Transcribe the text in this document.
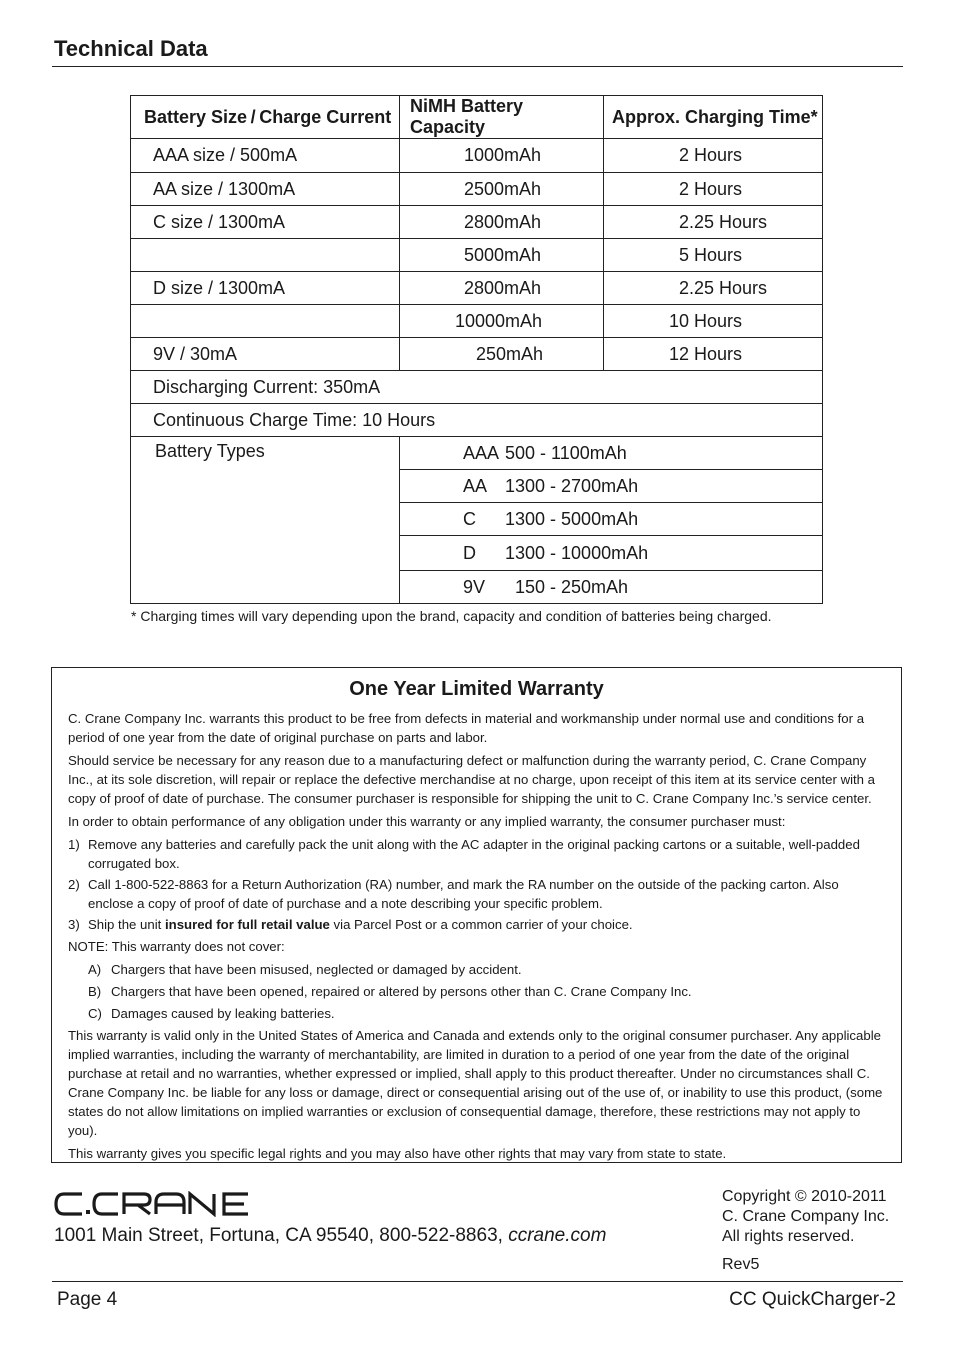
Technical Data
Battery Size / Charge Current	NiMH Battery Capacity	Approx. Charging Time*
AAA size / 500mA	1000mAh	2 Hours
AA size / 1300mA	2500mAh	2 Hours
C size / 1300mA	2800mAh	2.25 Hours
	5000mAh	5 Hours
D size / 1300mA	2800mAh	2.25 Hours
	10000mAh	10 Hours
9V / 30mA	250mAh	12 Hours
Discharging Current: 350mA		
Continuous Charge Time: 10 Hours		
Battery Types	AAA 500 - 1100mAh	
	AA 1300 - 2700mAh	
	C 1300 - 5000mAh	
	D 1300 - 10000mAh	
	9V 150 - 250mAh	
* Charging times will vary depending upon the brand, capacity and condition of batteries being charged.
One Year Limited Warranty

C. Crane Company Inc. warrants this product to be free from defects in material and workmanship under normal use and conditions for a period of one year from the date of original purchase on parts and labor.

Should service be necessary for any reason due to a manufacturing defect or malfunction during the warranty period, C. Crane Company Inc., at its sole discretion, will repair or replace the defective merchandise at no charge, upon receipt of this item at its service center with a copy of proof of date of purchase. The consumer purchaser is responsible for shipping the unit to C. Crane Company Inc.’s service center.

In order to obtain performance of any obligation under this warranty or any implied warranty, the consumer purchaser must:

1) Remove any batteries and carefully pack the unit along with the AC adapter in the original packing cartons or a suitable, well-padded corrugated box.
2) Call 1-800-522-8863 for a Return Authorization (RA) number, and mark the RA number on the outside of the packing carton. Also enclose a copy of proof of date of purchase and a note describing your specific problem.
3) Ship the unit insured for full retail value via Parcel Post or a common carrier of your choice.

NOTE: This warranty does not cover:

A) Chargers that have been misused, neglected or damaged by accident.
B) Chargers that have been opened, repaired or altered by persons other than C. Crane Company Inc.
C) Damages caused by leaking batteries.

This warranty is valid only in the United States of America and Canada and extends only to the original consumer purchaser. Any applicable implied warranties, including the warranty of merchantability, are limited in duration to a period of one year from the date of the original purchase at retail and no warranties, whether expressed or implied, shall apply to this product thereafter. Under no circumstances shall C. Crane Company Inc. be liable for any loss or damage, direct or consequential arising out of the use of, or inability to use this product, (some states do not allow limitations on implied warranties or exclusion of consequential damage, therefore, these restrictions may not apply to you).

This warranty gives you specific legal rights and you may also have other rights that may vary from state to state.

1001 Main Street, Fortuna, CA 95540, 800-522-8863, ccrane.com
Copyright © 2010-2011
C. Crane Company Inc.
All rights reserved.
Rev5
Page 4	CC QuickCharger-2
